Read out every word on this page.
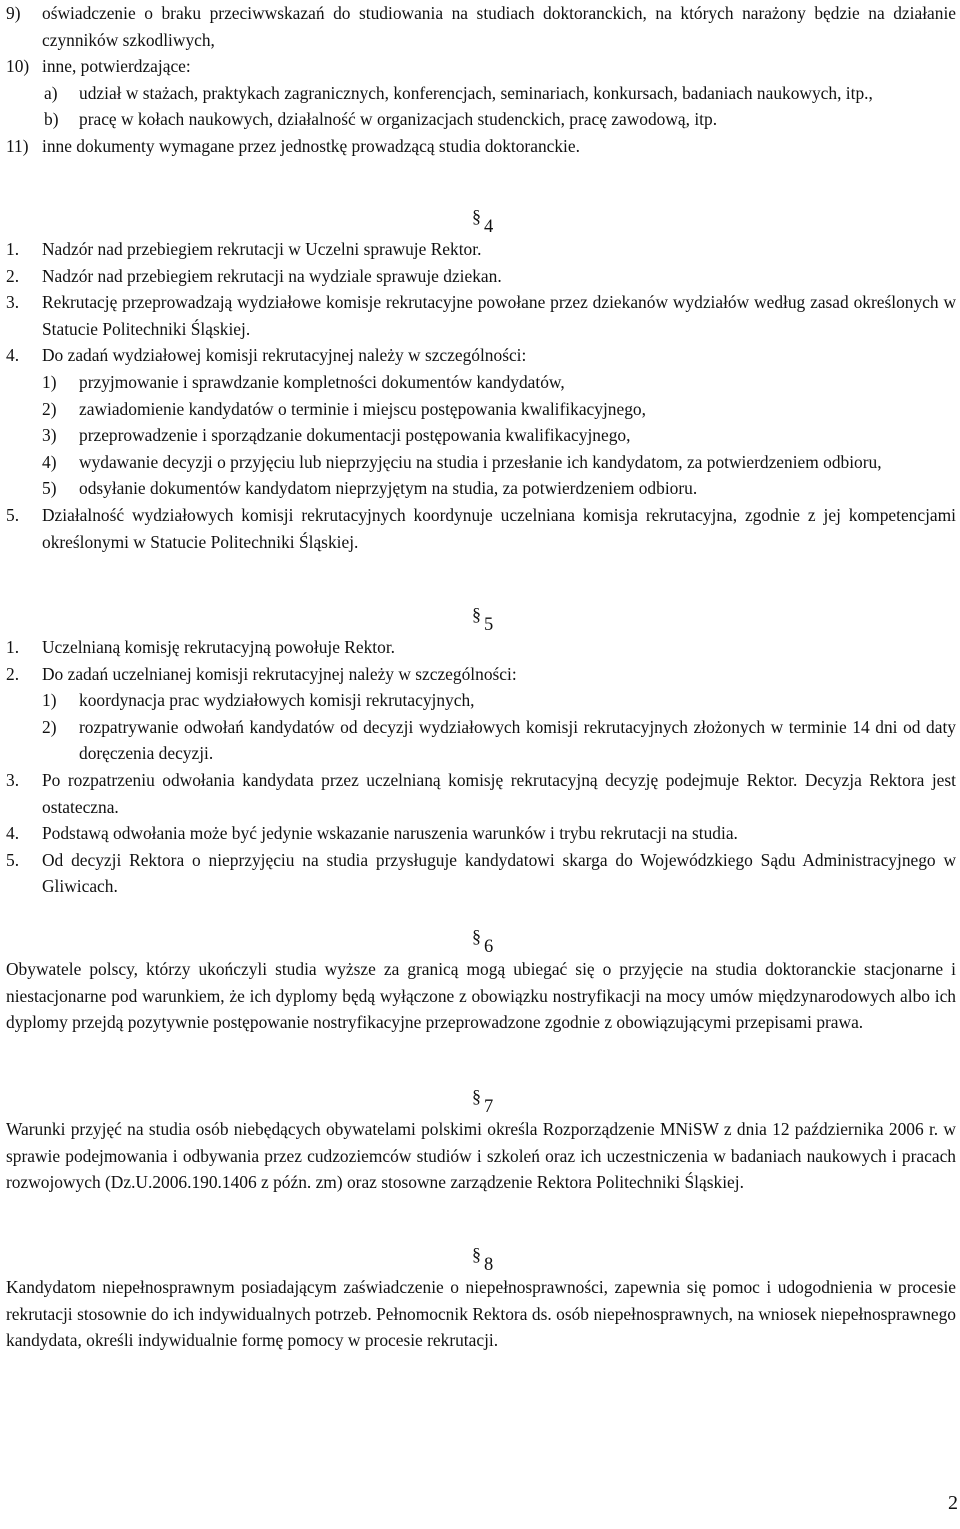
9) oświadczenie o braku przeciwwskazań do studiowania na studiach doktoranckich, na których narażony będzie na działanie czynników szkodliwych,
10) inne, potwierdzające:
a) udział w stażach, praktykach zagranicznych, konferencjach, seminariach, konkursach, badaniach naukowych, itp.,
b) pracę w kołach naukowych, działalność w organizacjach studenckich, pracę zawodową, itp.
11) inne dokumenty wymagane przez jednostkę prowadzącą studia doktoranckie.
§
4
1. Nadzór nad przebiegiem rekrutacji w Uczelni sprawuje Rektor.
2. Nadzór nad przebiegiem rekrutacji na wydziale sprawuje dziekan.
3. Rekrutację przeprowadzają wydziałowe komisje rekrutacyjne powołane przez dziekanów wydziałów według zasad określonych w Statucie Politechniki Śląskiej.
4. Do zadań wydziałowej komisji rekrutacyjnej należy w szczególności:
1) przyjmowanie i sprawdzanie kompletności dokumentów kandydatów,
2) zawiadomienie kandydatów o terminie i miejscu postępowania kwalifikacyjnego,
3) przeprowadzenie i sporządzanie dokumentacji postępowania kwalifikacyjnego,
4) wydawanie decyzji o przyjęciu lub nieprzyjęciu na studia i przesłanie ich kandydatom, za potwierdzeniem odbioru,
5) odsyłanie dokumentów kandydatom nieprzyjętym na studia, za potwierdzeniem odbioru.
5. Działalność wydziałowych komisji rekrutacyjnych koordynuje uczelniana komisja rekrutacyjna, zgodnie z jej kompetencjami określonymi w Statucie Politechniki Śląskiej.
§
5
1. Uczelnianą komisję rekrutacyjną powołuje Rektor.
2. Do zadań uczelnianej komisji rekrutacyjnej należy w szczególności:
1) koordynacja prac wydziałowych komisji rekrutacyjnych,
2) rozpatrywanie odwołań kandydatów od decyzji wydziałowych komisji rekrutacyjnych złożonych w terminie 14 dni od daty doręczenia decyzji.
3. Po rozpatrzeniu odwołania kandydata przez uczelnianą komisję rekrutacyjną decyzję podejmuje Rektor. Decyzja Rektora jest ostateczna.
4. Podstawą odwołania może być jedynie wskazanie naruszenia warunków i trybu rekrutacji na studia.
5. Od decyzji Rektora o nieprzyjęciu na studia przysługuje kandydatowi skarga do Wojewódzkiego Sądu Administracyjnego w Gliwicach.
§
6

Obywatele polscy, którzy ukończyli studia wyższe za granicą mogą ubiegać się o przyjęcie na studia doktoranckie stacjonarne i niestacjonarne pod warunkiem, że ich dyplomy będą wyłączone z obowiązku nostryfikacji na mocy umów międzynarodowych albo ich dyplomy przejdą pozytywnie postępowanie nostryfikacyjne przeprowadzone zgodnie z obowiązującymi przepisami prawa.

§
7

Warunki przyjęć na studia osób niebędących obywatelami polskimi określa Rozporządzenie MNiSW z dnia 12 października 2006 r. w sprawie podejmowania i odbywania przez cudzoziemców studiów i szkoleń oraz ich uczestniczenia w badaniach naukowych i pracach rozwojowych (Dz.U.2006.190.1406 z późn. zm) oraz stosowne zarządzenie Rektora Politechniki Śląskiej.

§
8

Kandydatom niepełnosprawnym posiadającym zaświadczenie o niepełnosprawności, zapewnia się pomoc i udogodnienia w procesie rekrutacji stosownie do ich indywidualnych potrzeb. Pełnomocnik Rektora ds. osób niepełnosprawnych, na wniosek niepełnosprawnego kandydata, określi indywidualnie formę pomocy w procesie rekrutacji.

2
